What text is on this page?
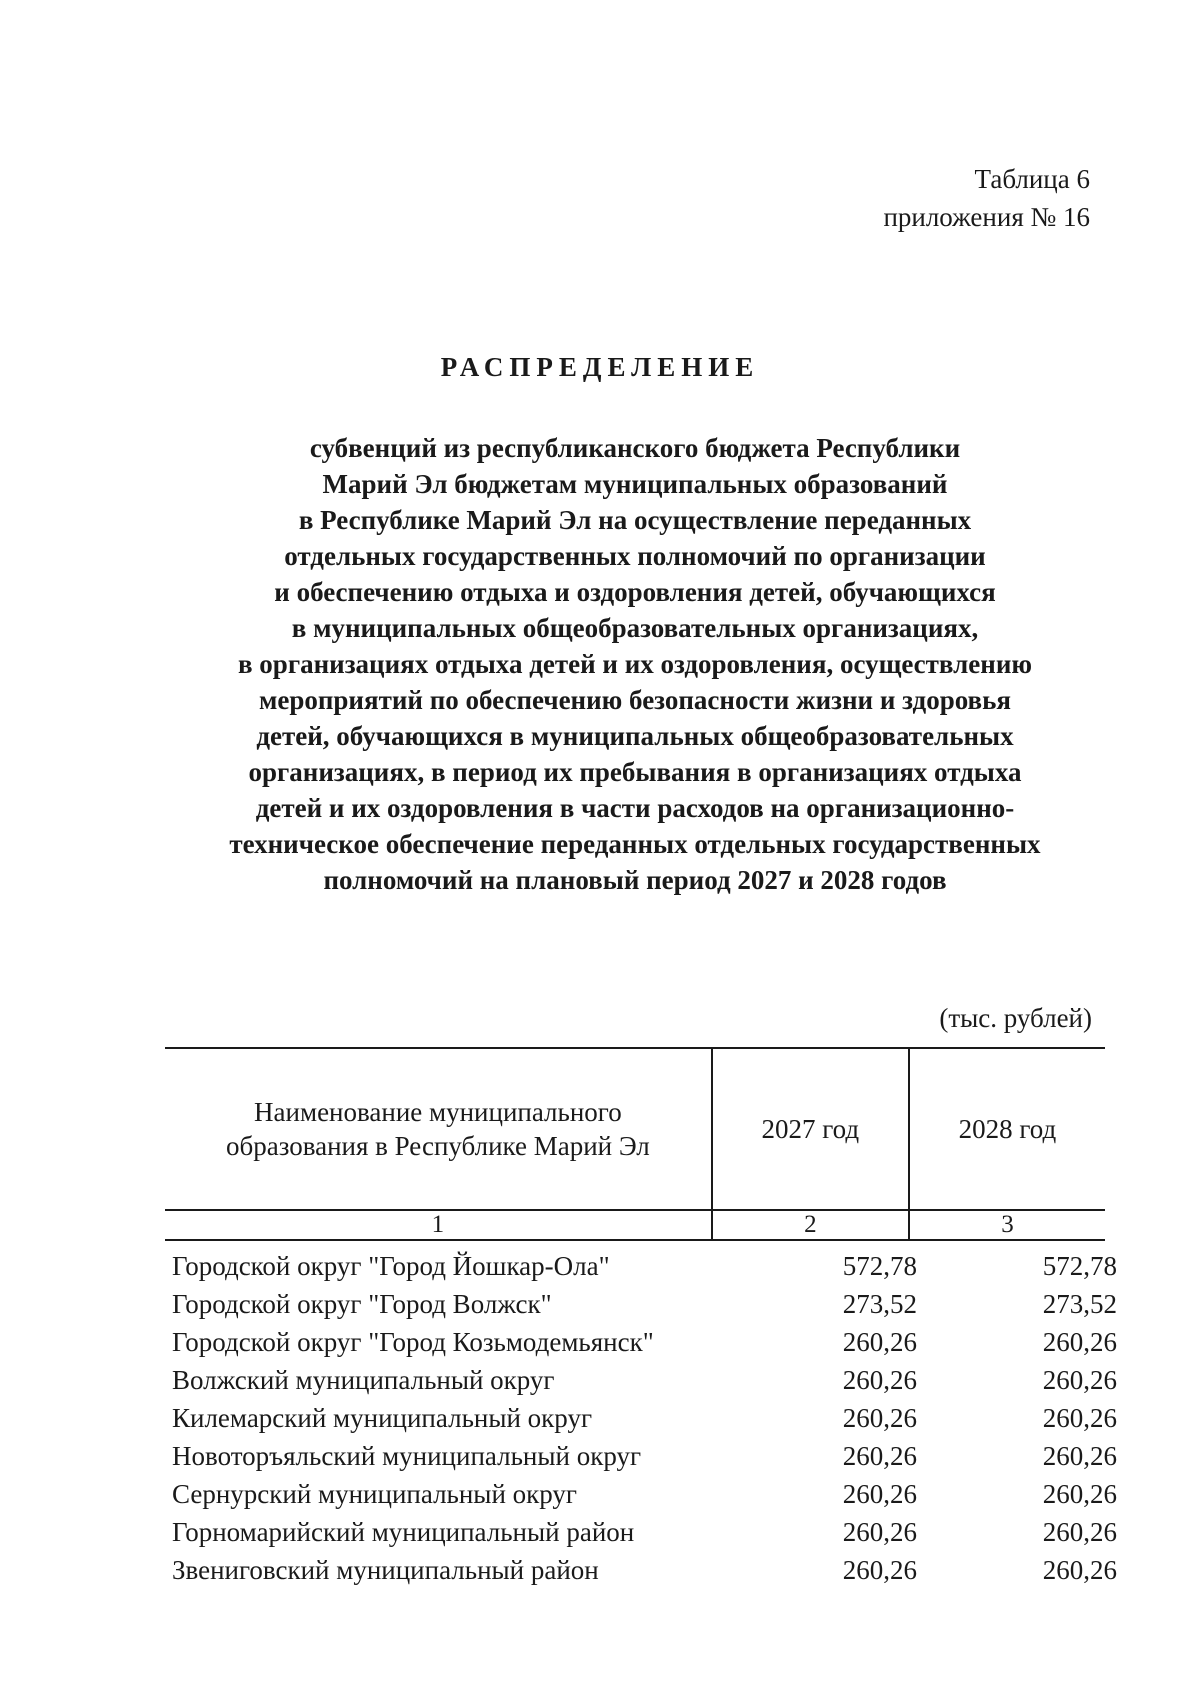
Таблица 6
приложения № 16
РАСПРЕДЕЛЕНИЕ
субвенций из республиканского бюджета Республики
Марий Эл бюджетам муниципальных образований
в Республике Марий Эл на осуществление переданных
отдельных государственных полномочий по организации
и обеспечению отдыха и оздоровления детей, обучающихся
в муниципальных общеобразовательных организациях,
в организациях отдыха детей и их оздоровления, осуществлению
мероприятий по обеспечению безопасности жизни и здоровья
детей, обучающихся в муниципальных общеобразовательных
организациях, в период их пребывания в организациях отдыха
детей и их оздоровления в части расходов на организационно-
техническое обеспечение переданных отдельных государственных
полномочий на плановый период 2027 и 2028 годов
(тыс. рублей)
Наименование муниципального
образования в Республике Марий Эл	2027 год	2028 год
1	2	3
Городской округ "Город Йошкар-Ола"	572,78	572,78
Городской округ "Город Волжск"	273,52	273,52
Городской округ "Город Козьмодемьянск"	260,26	260,26
Волжский муниципальный округ	260,26	260,26
Килемарский муниципальный округ	260,26	260,26
Новоторъяльский муниципальный округ	260,26	260,26
Сернурский муниципальный округ	260,26	260,26
Горномарийский муниципальный район	260,26	260,26
Звениговский муниципальный район	260,26	260,26
